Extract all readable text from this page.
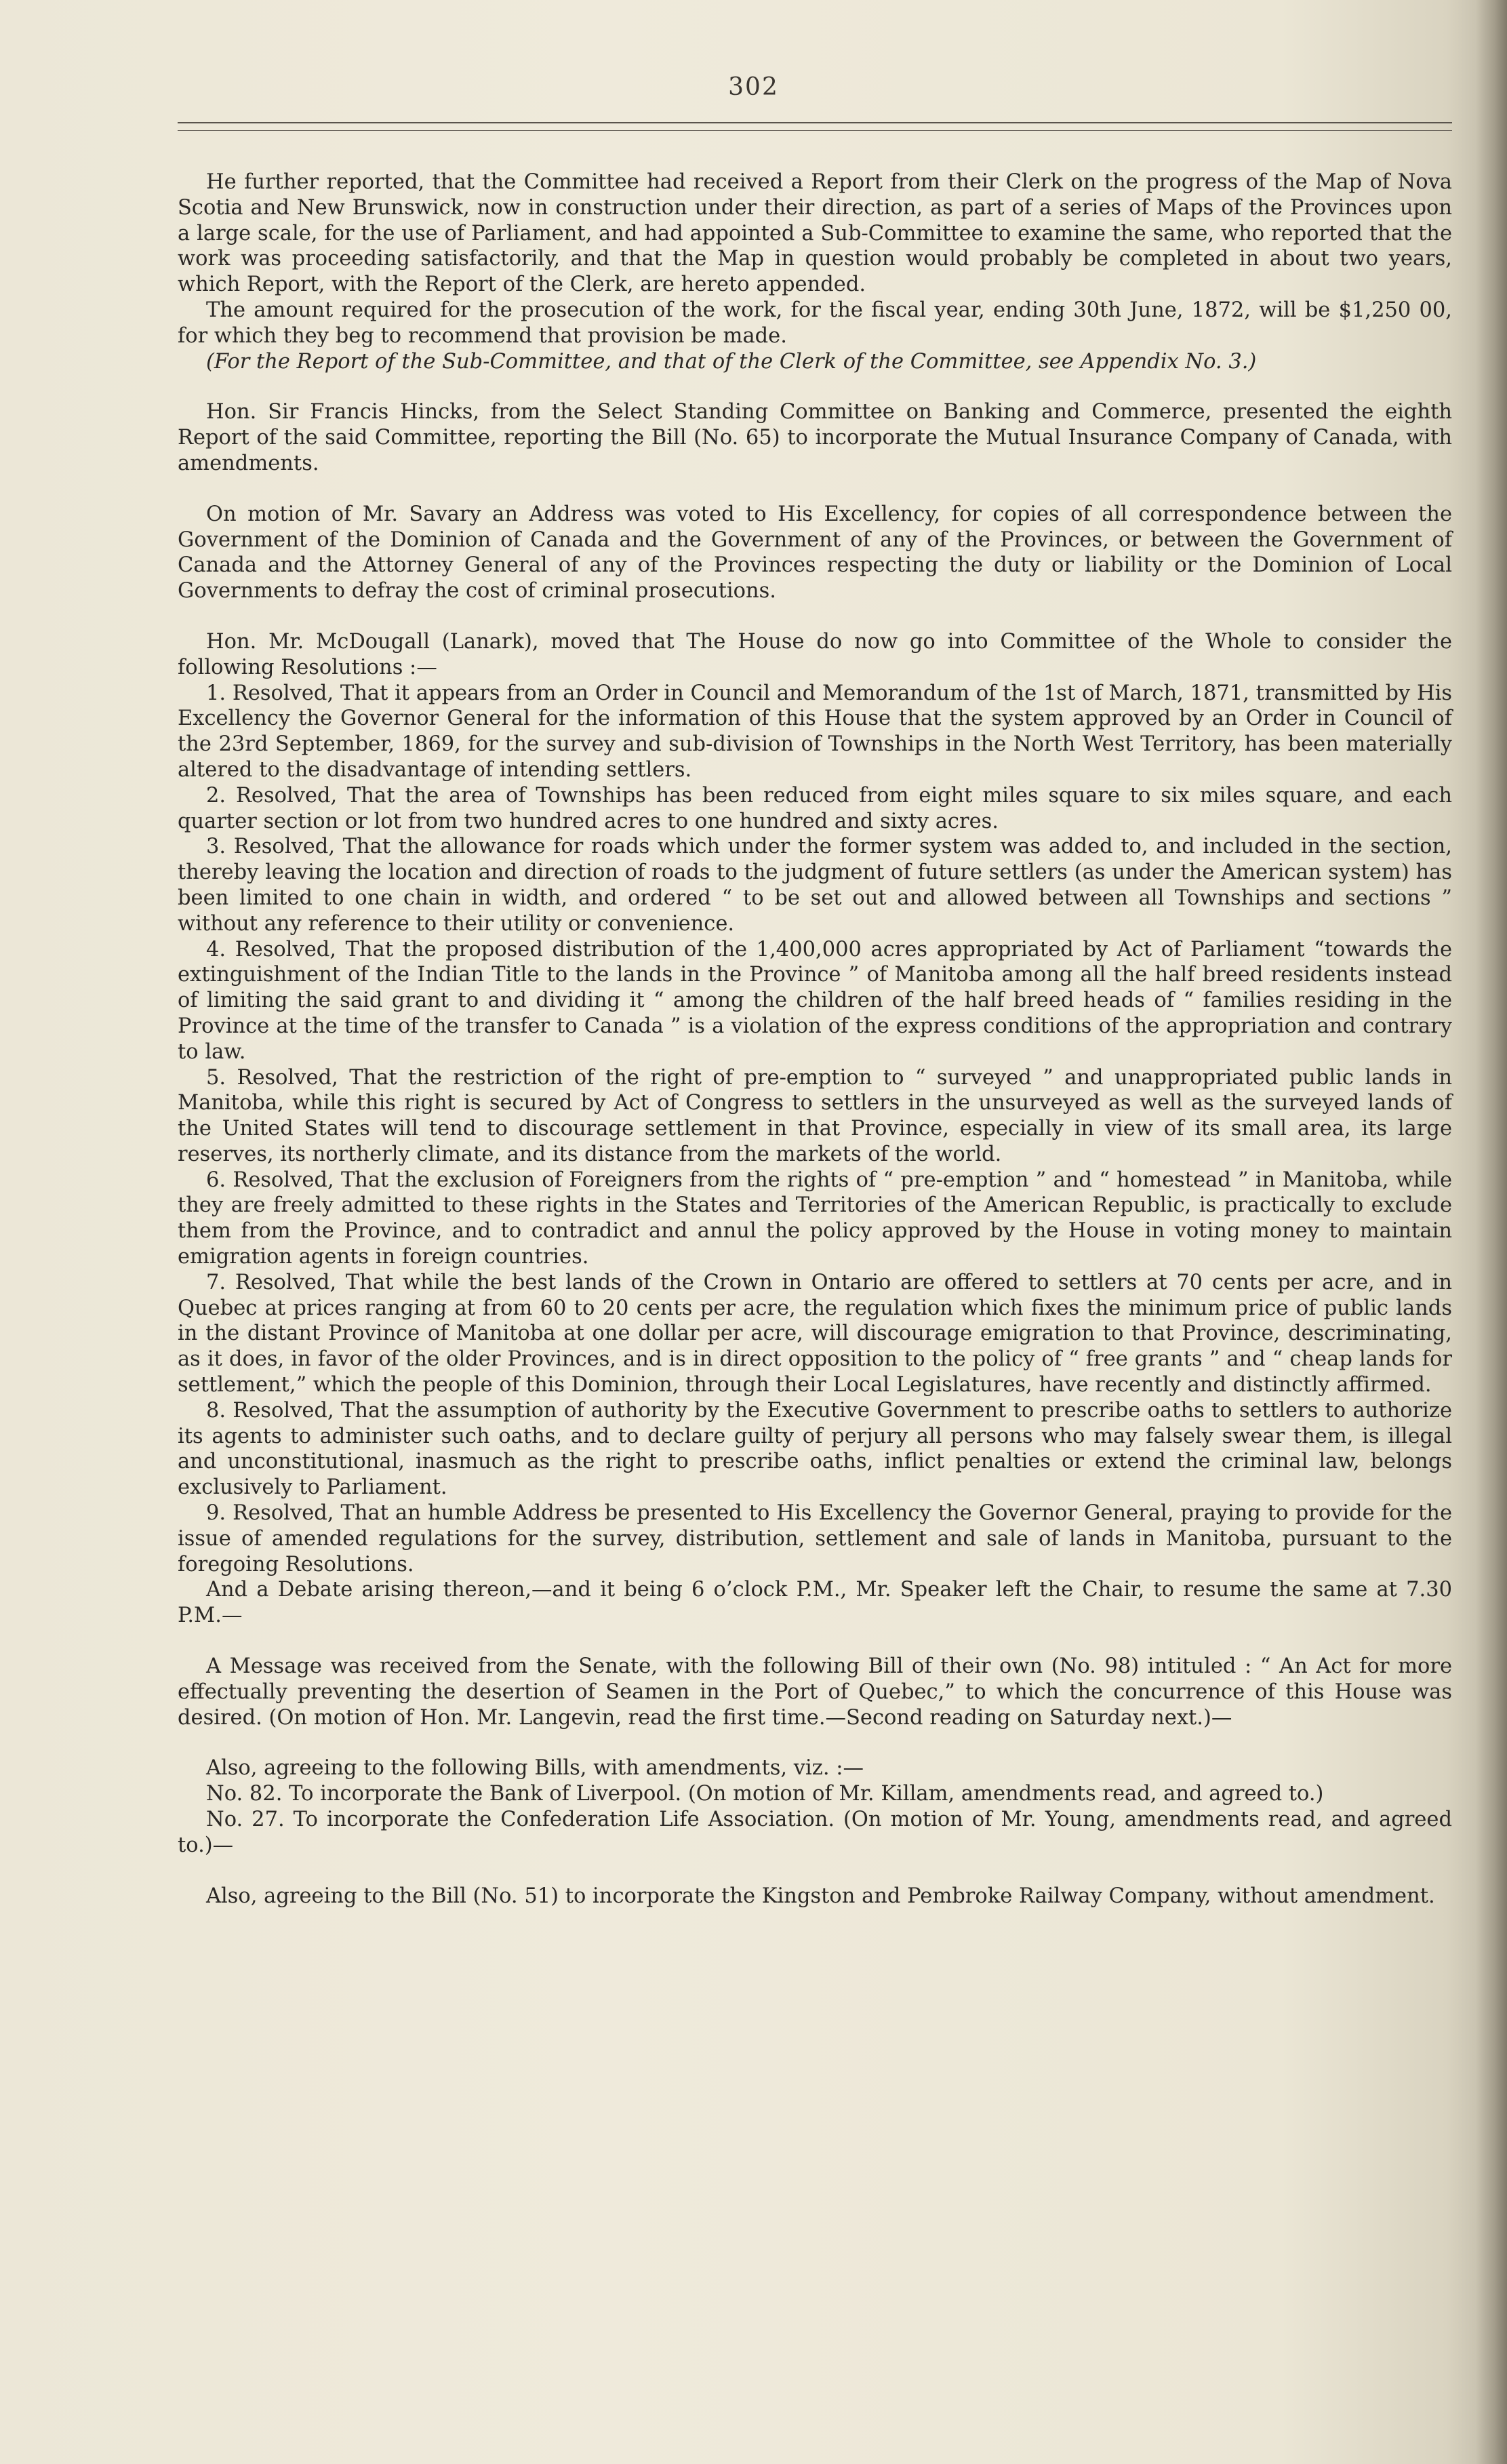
302

He further reported, that the Committee had received a Report from their Clerk on the progress of the Map of Nova Scotia and New Brunswick, now in construction under their direction, as part of a series of Maps of the Provinces upon a large scale, for the use of Parliament, and had appointed a Sub-Committee to examine the same, who reported that the work was proceeding satisfactorily, and that the Map in question would probably be completed in about two years, which Report, with the Report of the Clerk, are hereto appended.

The amount required for the prosecution of the work, for the fiscal year, ending 30th June, 1872, will be $1,250 00, for which they beg to recommend that provision be made.

(For the Report of the Sub-Committee, and that of the Clerk of the Committee, see Appendix No. 3.)

Hon. Sir Francis Hincks, from the Select Standing Committee on Banking and Commerce, presented the eighth Report of the said Committee, reporting the Bill (No. 65) to incorporate the Mutual Insurance Company of Canada, with amendments.

On motion of Mr. Savary an Address was voted to His Excellency, for copies of all correspondence between the Government of the Dominion of Canada and the Government of any of the Provinces, or between the Government of Canada and the Attorney General of any of the Provinces respecting the duty or liability or the Dominion of Local Governments to defray the cost of criminal prosecutions.

Hon. Mr. McDougall (Lanark), moved that The House do now go into Committee of the Whole to consider the following Resolutions :—

1. Resolved, That it appears from an Order in Council and Memorandum of the 1st of March, 1871, transmitted by His Excellency the Governor General for the information of this House that the system approved by an Order in Council of the 23rd September, 1869, for the survey and sub-division of Townships in the North West Territory, has been materially altered to the disadvantage of intending settlers.

2. Resolved, That the area of Townships has been reduced from eight miles square to six miles square, and each quarter section or lot from two hundred acres to one hundred and sixty acres.

3. Resolved, That the allowance for roads which under the former system was added to, and included in the section, thereby leaving the location and direction of roads to the judgment of future settlers (as under the American system) has been limited to one chain in width, and ordered “ to be set out and allowed between all Townships and sections ” without any reference to their utility or convenience.

4. Resolved, That the proposed distribution of the 1,400,000 acres appropriated by Act of Parliament “towards the extinguishment of the Indian Title to the lands in the Province ” of Manitoba among all the half breed residents instead of limiting the said grant to and dividing it “ among the children of the half breed heads of “ families residing in the Province at the time of the transfer to Canada ” is a violation of the express conditions of the appropriation and contrary to law.

5. Resolved, That the restriction of the right of pre-emption to “ surveyed ” and unappropriated public lands in Manitoba, while this right is secured by Act of Congress to settlers in the unsurveyed as well as the surveyed lands of the United States will tend to discourage settlement in that Province, especially in view of its small area, its large reserves, its northerly climate, and its distance from the markets of the world.

6. Resolved, That the exclusion of Foreigners from the rights of “ pre-emption ” and “ homestead ” in Manitoba, while they are freely admitted to these rights in the States and Territories of the American Republic, is practically to exclude them from the Province, and to contradict and annul the policy approved by the House in voting money to maintain emigration agents in foreign countries.

7. Resolved, That while the best lands of the Crown in Ontario are offered to settlers at 70 cents per acre, and in Quebec at prices ranging at from 60 to 20 cents per acre, the regulation which fixes the minimum price of public lands in the distant Province of Manitoba at one dollar per acre, will discourage emigration to that Province, descriminating, as it does, in favor of the older Provinces, and is in direct opposition to the policy of “ free grants ” and “ cheap lands for settlement,” which the people of this Dominion, through their Local Legislatures, have recently and distinctly affirmed.

8. Resolved, That the assumption of authority by the Executive Government to prescribe oaths to settlers to authorize its agents to administer such oaths, and to declare guilty of perjury all persons who may falsely swear them, is illegal and unconstitutional, inasmuch as the right to prescribe oaths, inflict penalties or extend the criminal law, belongs exclusively to Parliament.

9. Resolved, That an humble Address be presented to His Excellency the Governor General, praying to provide for the issue of amended regulations for the survey, distribution, settlement and sale of lands in Manitoba, pursuant to the foregoing Resolutions.

And a Debate arising thereon,—and it being 6 o’clock P.M., Mr. Speaker left the Chair, to resume the same at 7.30 P.M.—

A Message was received from the Senate, with the following Bill of their own (No. 98) intituled : “ An Act for more effectually preventing the desertion of Seamen in the Port of Quebec,” to which the concurrence of this House was desired. (On motion of Hon. Mr. Langevin, read the first time.—Second reading on Saturday next.)—

Also, agreeing to the following Bills, with amendments, viz. :—

No. 82. To incorporate the Bank of Liverpool. (On motion of Mr. Killam, amendments read, and agreed to.)

No. 27. To incorporate the Confederation Life Association. (On motion of Mr. Young, amendments read, and agreed to.)—

Also, agreeing to the Bill (No. 51) to incorporate the Kingston and Pembroke Railway Company, without amendment.
